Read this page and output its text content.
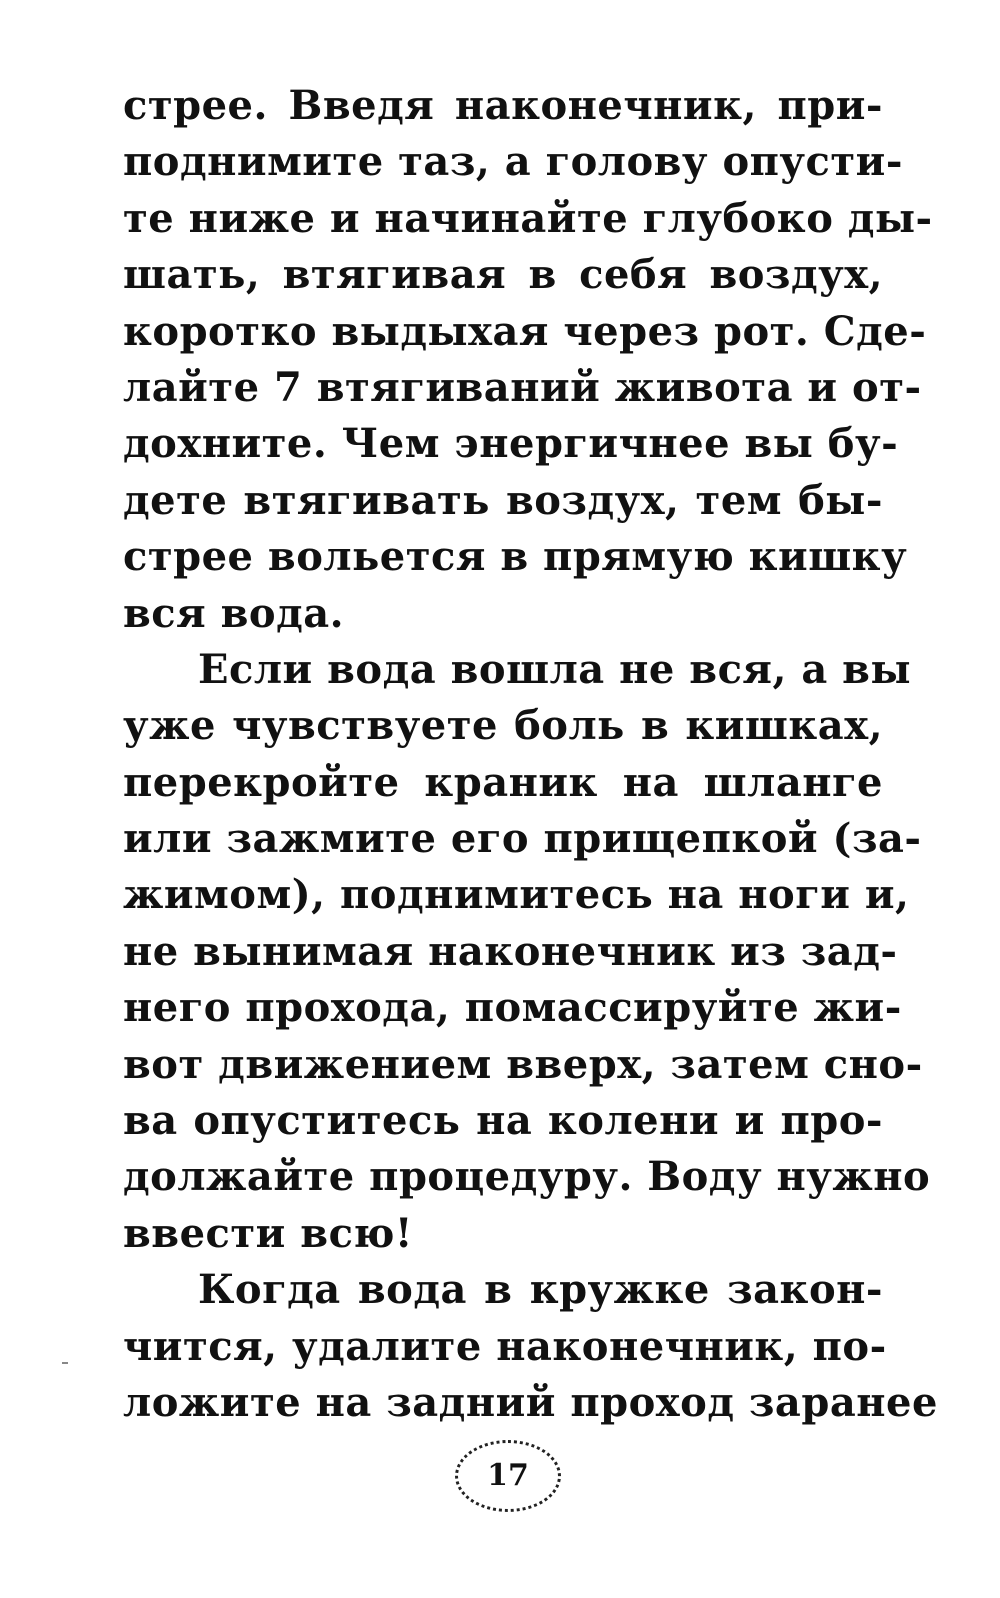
стрее. Введя наконечник, при-
поднимите таз, а голову опусти-
те ниже и начинайте глубоко ды-
шать, втягивая в себя воздух,
коротко выдыхая через рот. Сде-
лайте 7 втягиваний живота и от-
дохните. Чем энергичнее вы бу-
дете втягивать воздух, тем бы-
стрее вольется в прямую кишку
вся вода.
Если вода вошла не вся, а вы
уже чувствуете боль в кишках,
перекройте краник на шланге
или зажмите его прищепкой (за-
жимом), поднимитесь на ноги и,
не вынимая наконечник из зад-
него прохода, помассируйте жи-
вот движением вверх, затем сно-
ва опуститесь на колени и про-
должайте процедуру. Воду нужно
ввести всю!
Когда вода в кружке закон-
чится, удалите наконечник, по-
ложите на задний проход заранее
17
